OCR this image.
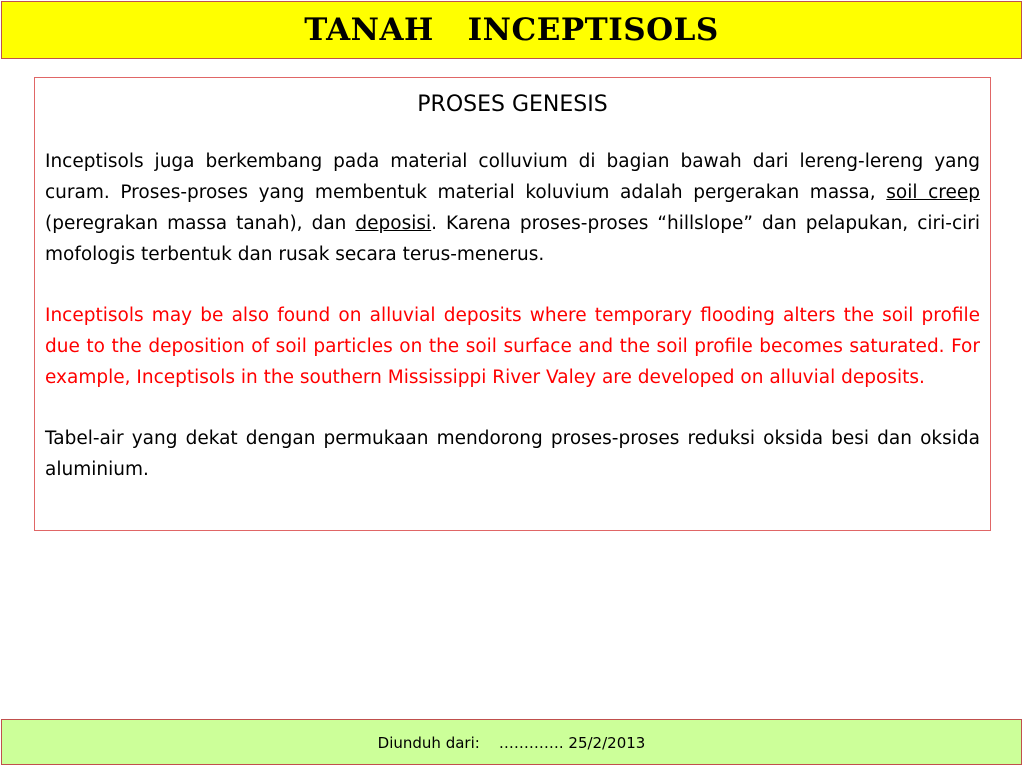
TANAH   INCEPTISOLS
PROSES GENESIS

Inceptisols juga berkembang pada material colluvium di bagian bawah dari lereng-lereng yang curam. Proses-proses yang membentuk material koluvium adalah pergerakan massa, soil creep (peregrakan massa tanah), dan deposisi. Karena proses-proses “hillslope” dan pelapukan, ciri-ciri mofologis terbentuk dan rusak secara terus-menerus.

Inceptisols may be also found on alluvial deposits where temporary flooding alters the soil profile due to the deposition of soil particles on the soil surface and the soil profile becomes saturated. For example, Inceptisols in the southern Mississippi River Valey are developed on alluvial deposits.

Tabel-air yang dekat dengan permukaan mendorong proses-proses reduksi oksida besi dan oksida aluminium.

Diunduh dari:    …………. 25/2/2013
